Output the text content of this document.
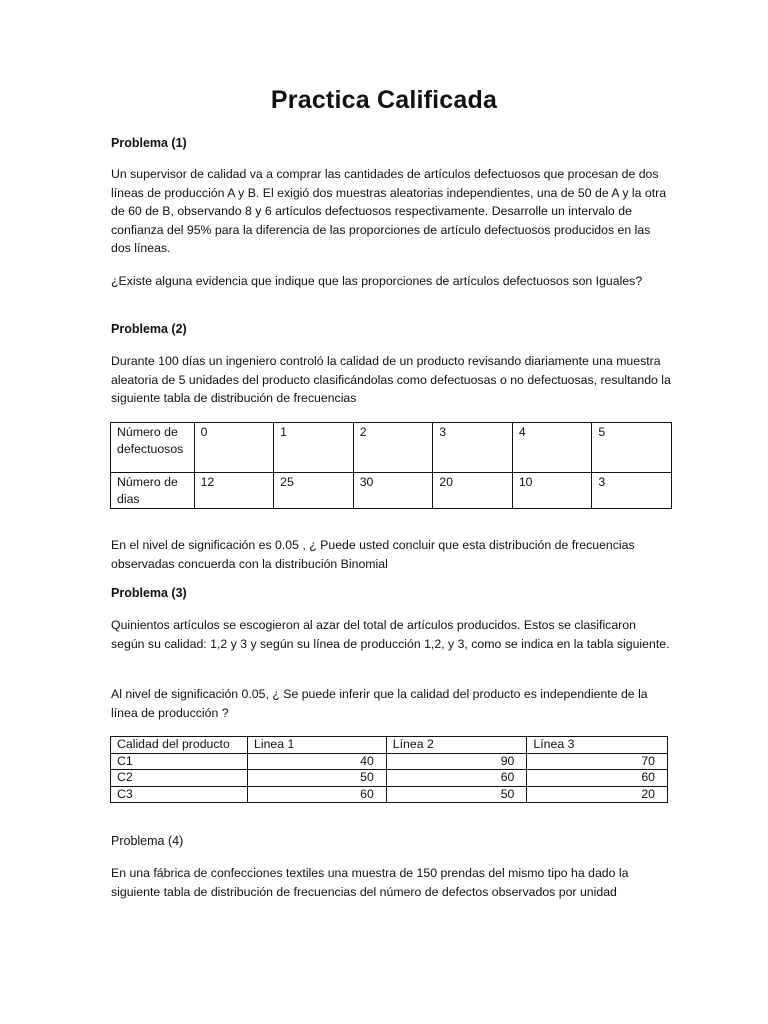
Practica Calificada

Problema (1)

Un supervisor de calidad va a comprar las cantidades de artículos defectuosos que procesan de dos líneas de producción A y B. El exigió dos muestras aleatorias independientes, una de 50 de A y la otra de 60 de B, observando 8 y 6 artículos defectuosos respectivamente. Desarrolle un intervalo de confianza del 95% para la diferencia de las proporciones de artículo defectuosos producidos en las dos líneas.

¿Existe alguna evidencia que indique que las proporciones de artículos defectuosos son Iguales?

Problema (2)

Durante 100 días un ingeniero controló la calidad de un producto revisando diariamente una muestra aleatoria de 5 unidades del producto clasificándolas como defectuosas o no defectuosas, resultando la siguiente tabla de distribución de frecuencias

Número de defectuosos	0	1	2	3	4	5
Número de dias	12	25	30	20	10	3

En el nivel de significación es 0.05 , ¿ Puede usted concluir que esta distribución de frecuencias observadas concuerda con la distribución Binomial

Problema (3)

Quinientos artículos se escogieron al azar del total de artículos producidos. Estos se clasificaron según su calidad: 1,2 y 3 y según su línea de producción 1,2, y 3, como se indica en la tabla siguiente.

Al nivel de significación 0.05, ¿ Se puede inferir que la calidad del producto es independiente de la línea de producción ?

Calidad del producto	Linea 1	Línea 2	Línea 3
C1	40	90	70
C2	50	60	60
C3	60	50	20

Problema (4)

En una fábrica de confecciones textiles una muestra de 150 prendas del mismo tipo ha dado la siguiente tabla de distribución de frecuencias del número de defectos observados por unidad
